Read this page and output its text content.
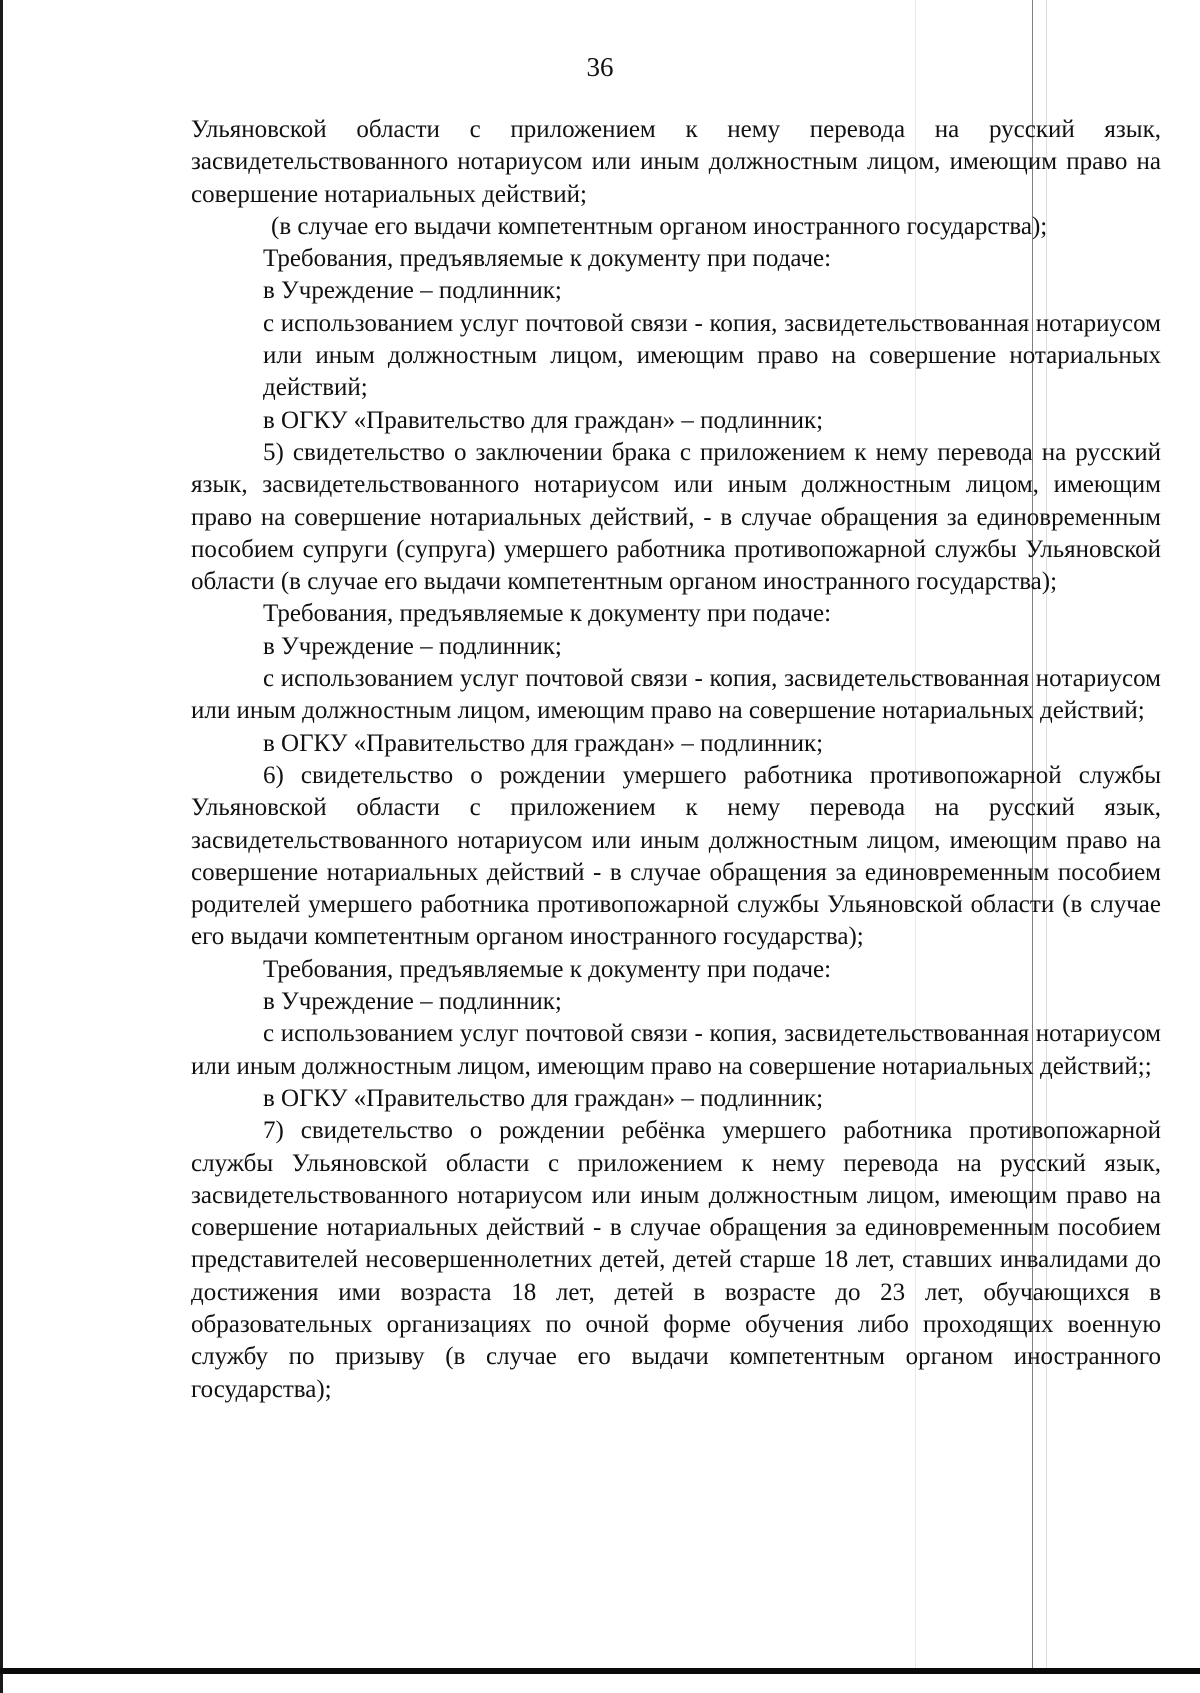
36

Ульяновской области с приложением к нему перевода на русский язык, засвидетельствованного нотариусом или иным должностным лицом, имеющим право на совершение нотариальных действий;

(в случае его выдачи компетентным органом иностранного государства);

Требования, предъявляемые к документу при подаче:

в Учреждение – подлинник;

с использованием услуг почтовой связи - копия, засвидетельствованная нотариусом или иным должностным лицом, имеющим право на совершение нотариальных действий;

в ОГКУ «Правительство для граждан» – подлинник;

5) свидетельство о заключении брака с приложением к нему перевода на русский язык, засвидетельствованного нотариусом или иным должностным лицом, имеющим право на совершение нотариальных действий, - в случае обращения за единовременным пособием супруги (супруга) умершего работника противопожарной службы Ульяновской области (в случае его выдачи компетентным органом иностранного государства);

Требования, предъявляемые к документу при подаче:

в Учреждение – подлинник;

с использованием услуг почтовой связи - копия, засвидетельствованная нотариусом или иным должностным лицом, имеющим право на совершение нотариальных действий;

в ОГКУ «Правительство для граждан» – подлинник;

6) свидетельство о рождении умершего работника противопожарной службы Ульяновской области с приложением к нему перевода на русский язык, засвидетельствованного нотариусом или иным должностным лицом, имеющим право на совершение нотариальных действий - в случае обращения за единовременным пособием родителей умершего работника противопожарной службы Ульяновской области (в случае его выдачи компетентным органом иностранного государства);

Требования, предъявляемые к документу при подаче:

в Учреждение – подлинник;

с использованием услуг почтовой связи - копия, засвидетельствованная нотариусом или иным должностным лицом, имеющим право на совершение нотариальных действий;;

в ОГКУ «Правительство для граждан» – подлинник;

7) свидетельство о рождении ребёнка умершего работника противопожарной службы Ульяновской области с приложением к нему перевода на русский язык, засвидетельствованного нотариусом или иным должностным лицом, имеющим право на совершение нотариальных действий - в случае обращения за единовременным пособием представителей несовершеннолетних детей, детей старше 18 лет, ставших инвалидами до достижения ими возраста 18 лет, детей в возрасте до 23 лет, обучающихся в образовательных организациях по очной форме обучения либо проходящих военную службу по призыву (в случае его выдачи компетентным органом иностранного государства);
